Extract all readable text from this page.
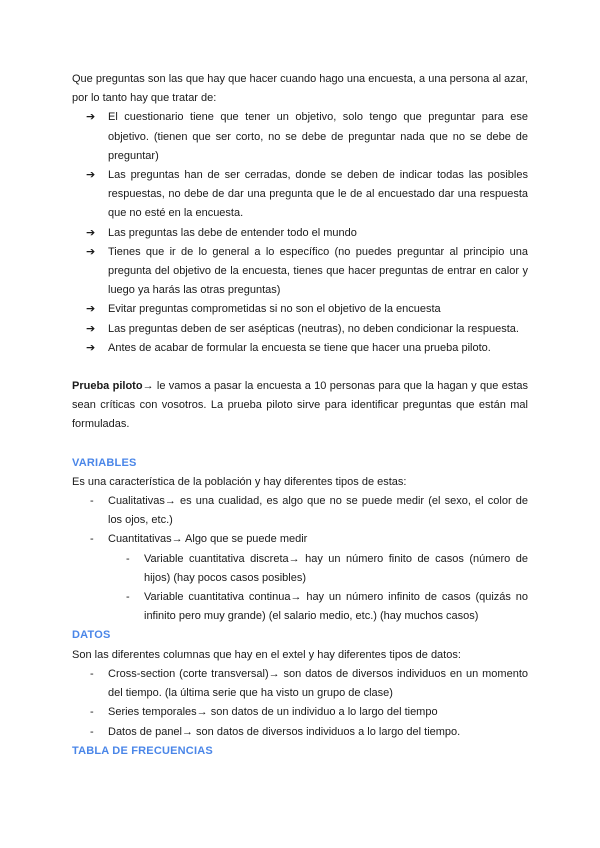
Que preguntas son las que hay que hacer cuando hago una encuesta, a una persona al azar, por lo tanto hay que tratar de:

➔ El cuestionario tiene que tener un objetivo, solo tengo que preguntar para ese objetivo. (tienen que ser corto, no se debe de preguntar nada que no se debe de preguntar)
➔ Las preguntas han de ser cerradas, donde se deben de indicar todas las posibles respuestas, no debe de dar una pregunta que le de al encuestado dar una respuesta que no esté en la encuesta.
➔ Las preguntas las debe de entender todo el mundo
➔ Tienes que ir de lo general a lo específico (no puedes preguntar al principio una pregunta del objetivo de la encuesta, tienes que hacer preguntas de entrar en calor y luego ya harás las otras preguntas)
➔ Evitar preguntas comprometidas si no son el objetivo de la encuesta
➔ Las preguntas deben de ser asépticas (neutras), no deben condicionar la respuesta.
➔ Antes de acabar de formular la encuesta se tiene que hacer una prueba piloto.

Prueba piloto→ le vamos a pasar la encuesta a 10 personas para que la hagan y que estas sean críticas con vosotros. La prueba piloto sirve para identificar preguntas que están mal formuladas.

VARIABLES

Es una característica de la población y hay diferentes tipos de estas:

- Cualitativas→ es una cualidad, es algo que no se puede medir (el sexo, el color de los ojos, etc.)
- Cuantitativas→ Algo que se puede medir
- Variable cuantitativa discreta→ hay un número finito de casos (número de hijos) (hay pocos casos posibles)
- Variable cuantitativa continua→ hay un número infinito de casos (quizás no infinito pero muy grande) (el salario medio, etc.) (hay muchos casos)
DATOS

Son las diferentes columnas que hay en el extel y hay diferentes tipos de datos:

- Cross-section (corte transversal)→ son datos de diversos individuos en un momento del tiempo. (la última serie que ha visto un grupo de clase)
- Series temporales→ son datos de un individuo a lo largo del tiempo
- Datos de panel→ son datos de diversos individuos a lo largo del tiempo.
TABLA DE FRECUENCIAS
